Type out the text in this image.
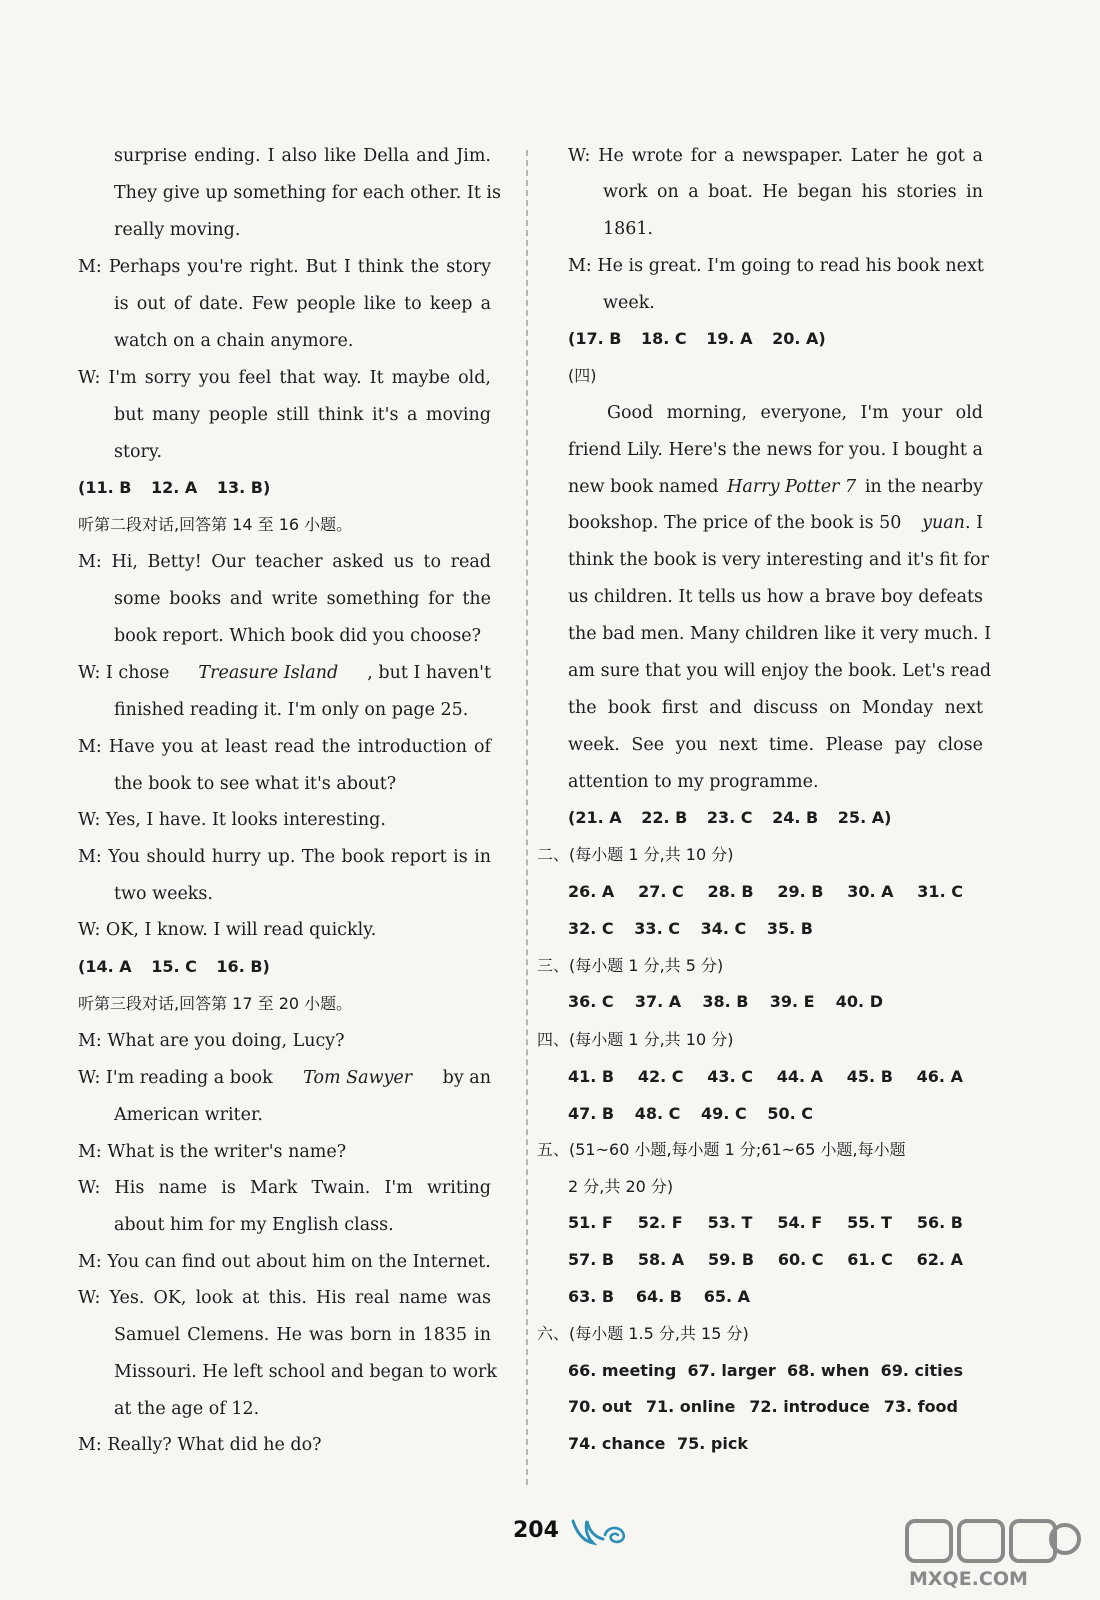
surprise ending. I also like Della and Jim.
They give up something for each other. It is
really moving.
M: Perhaps you're right. But I think the story
is out of date. Few people like to keep a
watch on a chain anymore.
W: I'm sorry you feel that way. It maybe old,
but many people still think it's a moving
story.
(11. B 12. A 13. B)
听第二段对话,回答第 14 至 16 小题。
M: Hi, Betty! Our teacher asked us to read
some books and write something for the
book report. Which book did you choose?
W: I chose Treasure Island , but I haven't
finished reading it. I'm only on page 25.
M: Have you at least read the introduction of
the book to see what it's about?
W: Yes, I have. It looks interesting.
M: You should hurry up. The book report is in
two weeks.
W: OK, I know. I will read quickly.
(14. A 15. C 16. B)
听第三段对话,回答第 17 至 20 小题。
M: What are you doing, Lucy?
W: I'm reading a book Tom Sawyer by an
American writer.
M: What is the writer's name?
W: His name is Mark Twain. I'm writing
about him for my English class.
M: You can find out about him on the Internet.
W: Yes. OK, look at this. His real name was
Samuel Clemens. He was born in 1835 in
Missouri. He left school and began to work
at the age of 12.
M: Really? What did he do?
W: He wrote for a newspaper. Later he got a
work on a boat. He began his stories in
1861.
M: He is great. I'm going to read his book next
week.
(17. B 18. C 19. A 20. A)
(四)
Good morning, everyone, I'm your old
friend Lily. Here's the news for you. I bought a
new book named Harry Potter 7 in the nearby
bookshop. The price of the book is 50 yuan. I
think the book is very interesting and it's fit for
us children. It tells us how a brave boy defeats
the bad men. Many children like it very much. I
am sure that you will enjoy the book. Let's read
the book first and discuss on Monday next
week. See you next time. Please pay close
attention to my programme.
(21. A 22. B 23. C 24. B 25. A)
二、(每小题 1 分,共 10 分)
26. A 27. C 28. B 29. B 30. A 31. C
32. C 33. C 34. C 35. B
三、(每小题 1 分,共 5 分)
36. C 37. A 38. B 39. E 40. D
四、(每小题 1 分,共 10 分)
41. B 42. C 43. C 44. A 45. B 46. A
47. B 48. C 49. C 50. C
五、(51~60 小题,每小题 1 分;61~65 小题,每小题
2 分,共 20 分)
51. F 52. F 53. T 54. F 55. T 56. B
57. B 58. A 59. B 60. C 61. C 62. A
63. B 64. B 65. A
六、(每小题 1.5 分,共 15 分)
66. meeting 67. larger 68. when 69. cities
70. out 71. online 72. introduce 73. food
74. chance 75. pick
204
MXQE.COM
